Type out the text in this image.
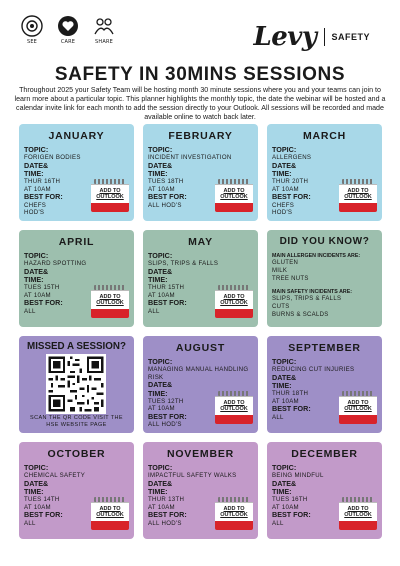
SEE	CARE	SHARE	Levy SAFETY
SAFETY IN 30MINS SESSIONS
Throughout 2025 your Safety Team will be hosting month 30 minute sessions where you and your teams can join to learn more about a particular topic. This planner highlights the monthly topic, the date the webinar will be hosted and a calendar invite link for each month to add the session directly to your Outlook. All sessions will be recorded and made available online to watch back later.
JANUARY
TOPIC:
FORIGEN BODIES
DATE&
TIME:
THUR 16TH
AT 10AM
BEST FOR:
CHEFS
HOD'S
ADD TO
OUTLOOK
FEBRUARY
TOPIC:
INCIDENT INVESTIGATION
DATE&
TIME:
TUES 18TH
AT 10AM
BEST FOR:
ALL HOD'S
ADD TO
OUTLOOK
MARCH
TOPIC:
ALLERGENS
DATE&
TIME:
THUR 20TH
AT 10AM
BEST FOR:
CHEFS
HOD'S
ADD TO
OUTLOOK
APRIL
TOPIC:
HAZARD SPOTTING
DATE&
TIME:
TUES 15TH
AT 10AM
BEST FOR:
ALL
ADD TO
OUTLOOK
MAY
TOPIC:
SLIPS, TRIPS & FALLS
DATE&
TIME:
THUR 15TH
AT 10AM
BEST FOR:
ALL
ADD TO
OUTLOOK
DID YOU KNOW?
MAIN ALLERGEN INCIDENTS ARE:
GLUTEN
MILK
TREE NUTS
MAIN SAFETY INCIDENTS ARE:
SLIPS, TRIPS & FALLS
CUTS
BURNS & SCALDS
MISSED A SESSION?
SCAN THE QR CODE VISIT THE HSE WEBSITE PAGE
AUGUST
TOPIC:
MANAGING MANUAL HANDLING RISK
DATE&
TIME:
TUES 12TH
AT 10AM
BEST FOR:
ALL HOD'S
ADD TO
OUTLOOK
SEPTEMBER
TOPIC:
REDUCING CUT INJURIES
DATE&
TIME:
THUR 18TH
AT 10AM
BEST FOR:
ALL
ADD TO
OUTLOOK
OCTOBER
TOPIC:
CHEMICAL SAFETY
DATE&
TIME:
TUES 14TH
AT 10AM
BEST FOR:
ALL
ADD TO
OUTLOOK
NOVEMBER
TOPIC:
IMPACTFUL SAFETY WALKS
DATE&
TIME:
THUR 13TH
AT 10AM
BEST FOR:
ALL HOD'S
ADD TO
OUTLOOK
DECEMBER
TOPIC:
BEING MINDFUL
DATE&
TIME:
TUES 16TH
AT 10AM
BEST FOR:
ALL
ADD TO
OUTLOOK
